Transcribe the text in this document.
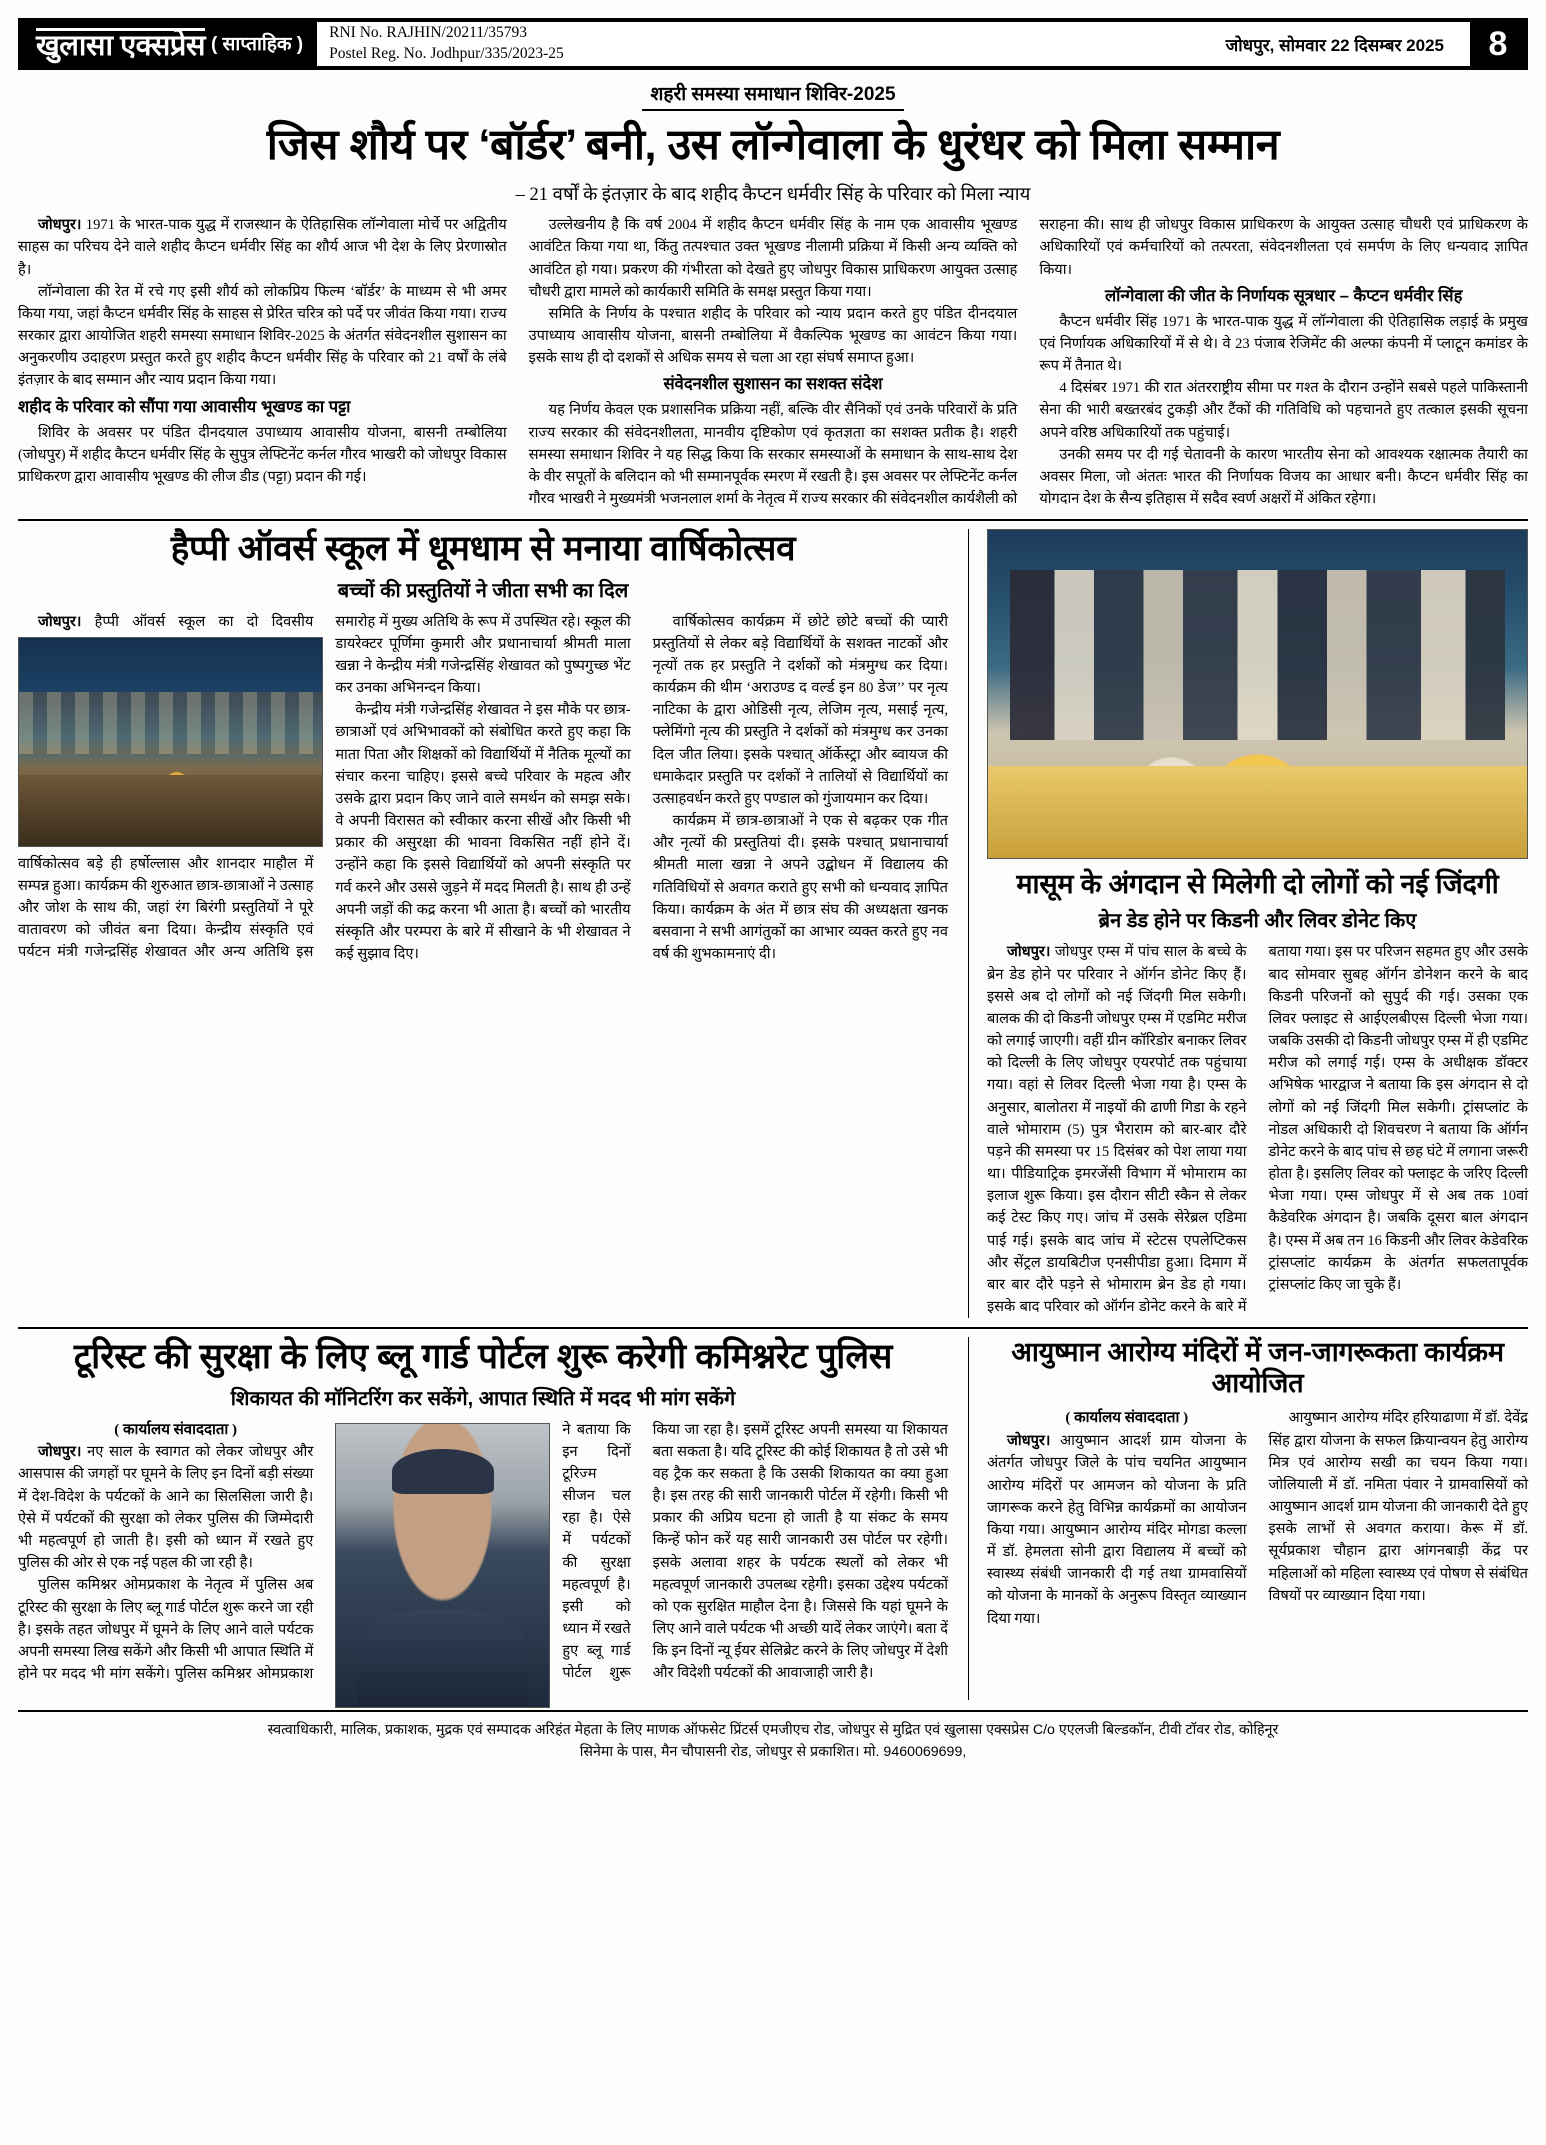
खुलासा एक्सप्रेस ( साप्ताहिक )
RNI No. RAJHIN/20211/35793
Postel Reg. No. Jodhpur/335/2023-25	जोधपुर, सोमवार 22 दिसम्बर 2025	8
शहरी समस्या समाधान शिविर-2025
जिस शौर्य पर ‘बॉर्डर’ बनी, उस लॉन्गेवाला के धुरंधर को मिला सम्मान
– 21 वर्षों के इंतज़ार के बाद शहीद कैप्टन धर्मवीर सिंह के परिवार को मिला न्याय

जोधपुर। 1971 के भारत-पाक युद्ध में राजस्थान के ऐतिहासिक लॉन्गेवाला मोर्चे पर अद्वितीय साहस का परिचय देने वाले शहीद कैप्टन धर्मवीर सिंह का शौर्य आज भी देश के लिए प्रेरणास्रोत है।

लॉन्गेवाला की रेत में रचे गए इसी शौर्य को लोकप्रिय फिल्म ‘बॉर्डर’ के माध्यम से भी अमर किया गया, जहां कैप्टन धर्मवीर सिंह के साहस से प्रेरित चरित्र को पर्दे पर जीवंत किया गया। राज्य सरकार द्वारा आयोजित शहरी समस्या समाधान शिविर-2025 के अंतर्गत संवेदनशील सुशासन का अनुकरणीय उदाहरण प्रस्तुत करते हुए शहीद कैप्टन धर्मवीर सिंह के परिवार को 21 वर्षों के लंबे इंतज़ार के बाद सम्मान और न्याय प्रदान किया गया।

शहीद के परिवार को सौंपा गया आवासीय भूखण्ड का पट्टा

शिविर के अवसर पर पंडित दीनदयाल उपाध्याय आवासीय योजना, बासनी तम्बोलिया (जोधपुर) में शहीद कैप्टन धर्मवीर सिंह के सुपुत्र लेफ्टिनेंट कर्नल गौरव भाखरी को जोधपुर विकास प्राधिकरण द्वारा आवासीय भूखण्ड की लीज डीड (पट्टा) प्रदान की गई।

उल्लेखनीय है कि वर्ष 2004 में शहीद कैप्टन धर्मवीर सिंह के नाम एक आवासीय भूखण्ड आवंटित किया गया था, किंतु तत्पश्चात उक्त भूखण्ड नीलामी प्रक्रिया में किसी अन्य व्यक्ति को आवंटित हो गया। प्रकरण की गंभीरता को देखते हुए जोधपुर विकास प्राधिकरण आयुक्त उत्साह चौधरी द्वारा मामले को कार्यकारी समिति के समक्ष प्रस्तुत किया गया।

समिति के निर्णय के पश्चात शहीद के परिवार को न्याय प्रदान करते हुए पंडित दीनदयाल उपाध्याय आवासीय योजना, बासनी तम्बोलिया में वैकल्पिक भूखण्ड का आवंटन किया गया। इसके साथ ही दो दशकों से अधिक समय से चला आ रहा संघर्ष समाप्त हुआ।

संवेदनशील सुशासन का सशक्त संदेश

यह निर्णय केवल एक प्रशासनिक प्रक्रिया नहीं, बल्कि वीर सैनिकों एवं उनके परिवारों के प्रति राज्य सरकार की संवेदनशीलता, मानवीय दृष्टिकोण एवं कृतज्ञता का सशक्त प्रतीक है। शहरी समस्या समाधान शिविर ने यह सिद्ध किया कि सरकार समस्याओं के समाधान के साथ-साथ देश के वीर सपूतों के बलिदान को भी सम्मानपूर्वक स्मरण में रखती है। इस अवसर पर लेफ्टिनेंट कर्नल गौरव भाखरी ने मुख्यमंत्री भजनलाल शर्मा के नेतृत्व में राज्य सरकार की संवेदनशील कार्यशैली को सराहना की। साथ ही जोधपुर विकास प्राधिकरण के आयुक्त उत्साह चौधरी एवं प्राधिकरण के अधिकारियों एवं कर्मचारियों को तत्परता, संवेदनशीलता एवं समर्पण के लिए धन्यवाद ज्ञापित किया।

लॉन्गेवाला की जीत के निर्णायक सूत्रधार – कैप्टन धर्मवीर सिंह

कैप्टन धर्मवीर सिंह 1971 के भारत-पाक युद्ध में लॉन्गेवाला की ऐतिहासिक लड़ाई के प्रमुख एवं निर्णायक अधिकारियों में से थे। वे 23 पंजाब रेजिमेंट की अल्फा कंपनी में प्लाटून कमांडर के रूप में तैनात थे।

4 दिसंबर 1971 की रात अंतरराष्ट्रीय सीमा पर गश्त के दौरान उन्होंने सबसे पहले पाकिस्तानी सेना की भारी बख्तरबंद टुकड़ी और टैंकों की गतिविधि को पहचानते हुए तत्काल इसकी सूचना अपने वरिष्ठ अधिकारियों तक पहुंचाई।

उनकी समय पर दी गई चेतावनी के कारण भारतीय सेना को आवश्यक रक्षात्मक तैयारी का अवसर मिला, जो अंततः भारत की निर्णायक विजय का आधार बनी। कैप्टन धर्मवीर सिंह का योगदान देश के सैन्य इतिहास में सदैव स्वर्ण अक्षरों में अंकित रहेगा।

हैप्पी ऑवर्स स्कूल में धूमधाम से मनाया वार्षिकोत्सव
बच्चों की प्रस्तुतियों ने जीता सभी का दिल

जोधपुर।
हैप्पी ऑवर्स स्कूल का दो दिवसीय वार्षिकोत्सव बड़े ही हर्षोल्लास और शानदार माहौल में सम्पन्न हुआ। कार्यक्रम की शुरुआत छात्र-छात्राओं ने उत्साह और जोश के साथ की, जहां रंग बिरंगी प्रस्तुतियों ने पूरे वातावरण को जीवंत बना दिया। केन्द्रीय संस्कृति एवं पर्यटन मंत्री गजेन्द्रसिंह शेखावत और अन्य अतिथि इस समारोह में मुख्य अतिथि के रूप में उपस्थित रहे। स्कूल की डायरेक्टर पूर्णिमा कुमारी और प्रधानाचार्या श्रीमती माला खन्ना ने केन्द्रीय मंत्री गजेन्द्रसिंह शेखावत को पुष्पगुच्छ भेंट कर उनका अभिनन्दन किया।

केन्द्रीय मंत्री गजेन्द्रसिंह शेखावत ने इस मौके पर छात्र-छात्राओं एवं अभिभावकों को संबोधित करते हुए कहा कि माता पिता और शिक्षकों को विद्यार्थियों में नैतिक मूल्यों का संचार करना चाहिए। इससे बच्चे परिवार के महत्व और उसके द्वारा प्रदान किए जाने वाले समर्थन को समझ सके। वे अपनी विरासत को स्वीकार करना सीखें और किसी भी प्रकार की असुरक्षा की भावना विकसित नहीं होने दें। उन्होंने कहा कि इससे विद्यार्थियों को अपनी संस्कृति पर गर्व करने और उससे जुड़ने में मदद मिलती है। साथ ही उन्हें अपनी जड़ों की कद्र करना भी आता है। बच्चों को भारतीय संस्कृति और परम्परा के बारे में सीखाने के भी शेखावत ने कई सुझाव दिए।

वार्षिकोत्सव कार्यक्रम में छोटे छोटे बच्चों की प्यारी प्रस्तुतियों से लेकर बड़े विद्यार्थियों के सशक्त नाटकों और नृत्यों तक हर प्रस्तुति ने दर्शकों को मंत्रमुग्ध कर दिया। कार्यक्रम की थीम ‘अराउण्ड द वर्ल्ड इन 80 डेज’’ पर नृत्य नाटिका के द्वारा ओडिसी नृत्य, लेजिम नृत्य, मसाई नृत्य, फ्लेमिंगो नृत्य की प्रस्तुति ने दर्शकों को मंत्रमुग्ध कर उनका दिल जीत लिया। इसके पश्चात् ऑर्केस्ट्रा और ब्वायज की धमाकेदार प्रस्तुति पर दर्शकों ने तालियों से विद्यार्थियों का उत्साहवर्धन करते हुए पण्डाल को गुंजायमान कर दिया।

कार्यक्रम में छात्र-छात्राओं ने एक से बढ़कर एक गीत और नृत्यों की प्रस्तुतियां दी। इसके पश्चात् प्रधानाचार्या श्रीमती माला खन्ना ने अपने उद्बोधन में विद्यालय की गतिविधियों से अवगत कराते हुए सभी को धन्यवाद ज्ञापित किया। कार्यक्रम के अंत में छात्र संघ की अध्यक्षता खनक बसवाना ने सभी आगंतुकों का आभार व्यक्त करते हुए नव वर्ष की शुभकामनाएं दी।

मासूम के अंगदान से मिलेगी दो लोगों को नई जिंदगी
ब्रेन डेड होने पर किडनी और लिवर डोनेट किए

जोधपुर। जोधपुर एम्स में पांच साल के बच्चे के ब्रेन डेड होने पर परिवार ने ऑर्गन डोनेट किए हैं। इससे अब दो लोगों को नई जिंदगी मिल सकेगी। बालक की दो किडनी जोधपुर एम्स में एडमिट मरीज को लगाई जाएगी। वहीं ग्रीन कॉरिडोर बनाकर लिवर को दिल्ली के लिए जोधपुर एयरपोर्ट तक पहुंचाया गया। वहां से लिवर दिल्ली भेजा गया है। एम्स के अनुसार, बालोतरा में नाइयों की ढाणी गिडा के रहने वाले भोमाराम (5) पुत्र भैराराम को बार-बार दौरे पड़ने की समस्या पर 15 दिसंबर को पेश लाया गया था। पीडियाट्रिक इमरजेंसी विभाग में भोमाराम का इलाज शुरू किया। इस दौरान सीटी स्कैन से लेकर कई टेस्ट किए गए। जांच में उसके सेरेब्रल एडिमा पाई गई। इसके बाद जांच में स्टेटस एपलेप्टिकस और सेंट्रल डायबिटीज एनसीपीडा हुआ। दिमाग में बार बार दौरे पड़ने से भोमाराम ब्रेन डेड हो गया। इसके बाद परिवार को ऑर्गन डोनेट करने के बारे में बताया गया। इस पर परिजन सहमत हुए और उसके बाद सोमवार सुबह ऑर्गन डोनेशन करने के बाद किडनी परिजनों को सुपुर्द की गई। उसका एक लिवर फ्लाइट से आईएलबीएस दिल्ली भेजा गया। जबकि उसकी दो किडनी जोधपुर एम्स में ही एडमिट मरीज को लगाई गई। एम्स के अधीक्षक डॉक्टर अभिषेक भारद्वाज ने बताया कि इस अंगदान से दो लोगों को नई जिंदगी मिल सकेगी। ट्रांसप्लांट के नोडल अधिकारी दो शिवचरण ने बताया कि ऑर्गन डोनेट करने के बाद पांच से छह घंटे में लगाना जरूरी होता है। इसलिए लिवर को फ्लाइट के जरिए दिल्ली भेजा गया। एम्स जोधपुर में से अब तक 10वां कैडेवरिक अंगदान है। जबकि दूसरा बाल अंगदान है। एम्स में अब तन 16 किडनी और लिवर केडेवरिक ट्रांसप्लांट कार्यक्रम के अंतर्गत सफलतापूर्वक ट्रांसप्लांट किए जा चुके हैं।

टूरिस्ट की सुरक्षा के लिए ब्लू गार्ड पोर्टल शुरू करेगी कमिश्नरेट पुलिस
शिकायत की मॉनिटरिंग कर सकेंगे, आपात स्थिति में मदद भी मांग सकेंगे

( कार्यालय संवाददाता )

जोधपुर। नए साल के स्वागत को लेकर जोधपुर और आसपास की जगहों पर घूमने के लिए इन दिनों बड़ी संख्या में देश-विदेश के पर्यटकों के आने का सिलसिला जारी है। ऐसे में पर्यटकों की सुरक्षा को लेकर पुलिस की जिम्मेदारी भी महत्वपूर्ण हो जाती है। इसी को ध्यान में रखते हुए पुलिस की ओर से एक नई पहल की जा रही है।

पुलिस कमिश्नर ओमप्रकाश के नेतृत्व में पुलिस अब टूरिस्ट की सुरक्षा के लिए ब्लू गार्ड पोर्टल शुरू करने जा रही है। इसके तहत जोधपुर में घूमने के लिए आने वाले पर्यटक अपनी समस्या लिख सकेंगे और किसी भी आपात स्थिति में होने पर मदद भी मांग सकेंगे। पुलिस कमिश्नर ओमप्रकाश ने बताया कि इन दिनों टूरिज्म सीजन चल रहा है। ऐसे में पर्यटकों की सुरक्षा महत्वपूर्ण है। इसी को ध्यान में रखते हुए ब्लू गार्ड पोर्टल शुरू किया जा रहा है। इसमें टूरिस्ट अपनी समस्या या शिकायत बता सकता है। यदि टूरिस्ट की कोई शिकायत है तो उसे भी वह ट्रैक कर सकता है कि उसकी शिकायत का क्या हुआ है। इस तरह की सारी जानकारी पोर्टल में रहेगी। किसी भी प्रकार की अप्रिय घटना हो जाती है या संकट के समय किन्हें फोन करें यह सारी जानकारी उस पोर्टल पर रहेगी। इसके अलावा शहर के पर्यटक स्थलों को लेकर भी महत्वपूर्ण जानकारी उपलब्ध रहेगी। इसका उद्देश्य पर्यटकों को एक सुरक्षित माहौल देना है। जिससे कि यहां घूमने के लिए आने वाले पर्यटक भी अच्छी यादें लेकर जाएंगे। बता दें कि इन दिनों न्यू ईयर सेलिब्रेट करने के लिए जोधपुर में देशी और विदेशी पर्यटकों की आवाजाही जारी है।

आयुष्मान आरोग्य मंदिरों में जन-जागरूकता कार्यक्रम आयोजित

( कार्यालय संवाददाता )

जोधपुर। आयुष्मान आदर्श ग्राम योजना के अंतर्गत जोधपुर जिले के पांच चयनित आयुष्मान आरोग्य मंदिरों पर आमजन को योजना के प्रति जागरूक करने हेतु विभिन्न कार्यक्रमों का आयोजन किया गया। आयुष्मान आरोग्य मंदिर मोगडा कल्ला में डॉ. हेमलता सोनी द्वारा विद्यालय में बच्चों को स्वास्थ्य संबंधी जानकारी दी गई तथा ग्रामवासियों को योजना के मानकों के अनुरूप विस्तृत व्याख्यान दिया गया।

आयुष्मान आरोग्य मंदिर हरियाढाणा में डॉ. देवेंद्र सिंह द्वारा योजना के सफल क्रियान्वयन हेतु आरोग्य मित्र एवं आरोग्य सखी का चयन किया गया। जोलियाली में डॉ. नमिता पंवार ने ग्रामवासियों को आयुष्मान आदर्श ग्राम योजना की जानकारी देते हुए इसके लाभों से अवगत कराया। केरू में डॉ. सूर्यप्रकाश चौहान द्वारा आंगनबाड़ी केंद्र पर महिलाओं को महिला स्वास्थ्य एवं पोषण से संबंधित विषयों पर व्याख्यान दिया गया।

स्वत्वाधिकारी, मालिक, प्रकाशक, मुद्रक एवं सम्पादक अरिहंत मेहता के लिए माणक ऑफसेट प्रिंटर्स एमजीएच रोड, जोधपुर से मुद्रित एवं खुलासा एक्सप्रेस C/o एएलजी बिल्डकॉन, टीवी टॉवर रोड, कोहिनूर
सिनेमा के पास, मैन चौपासनी रोड, जोधपुर से प्रकाशित। मो. 9460069699,
